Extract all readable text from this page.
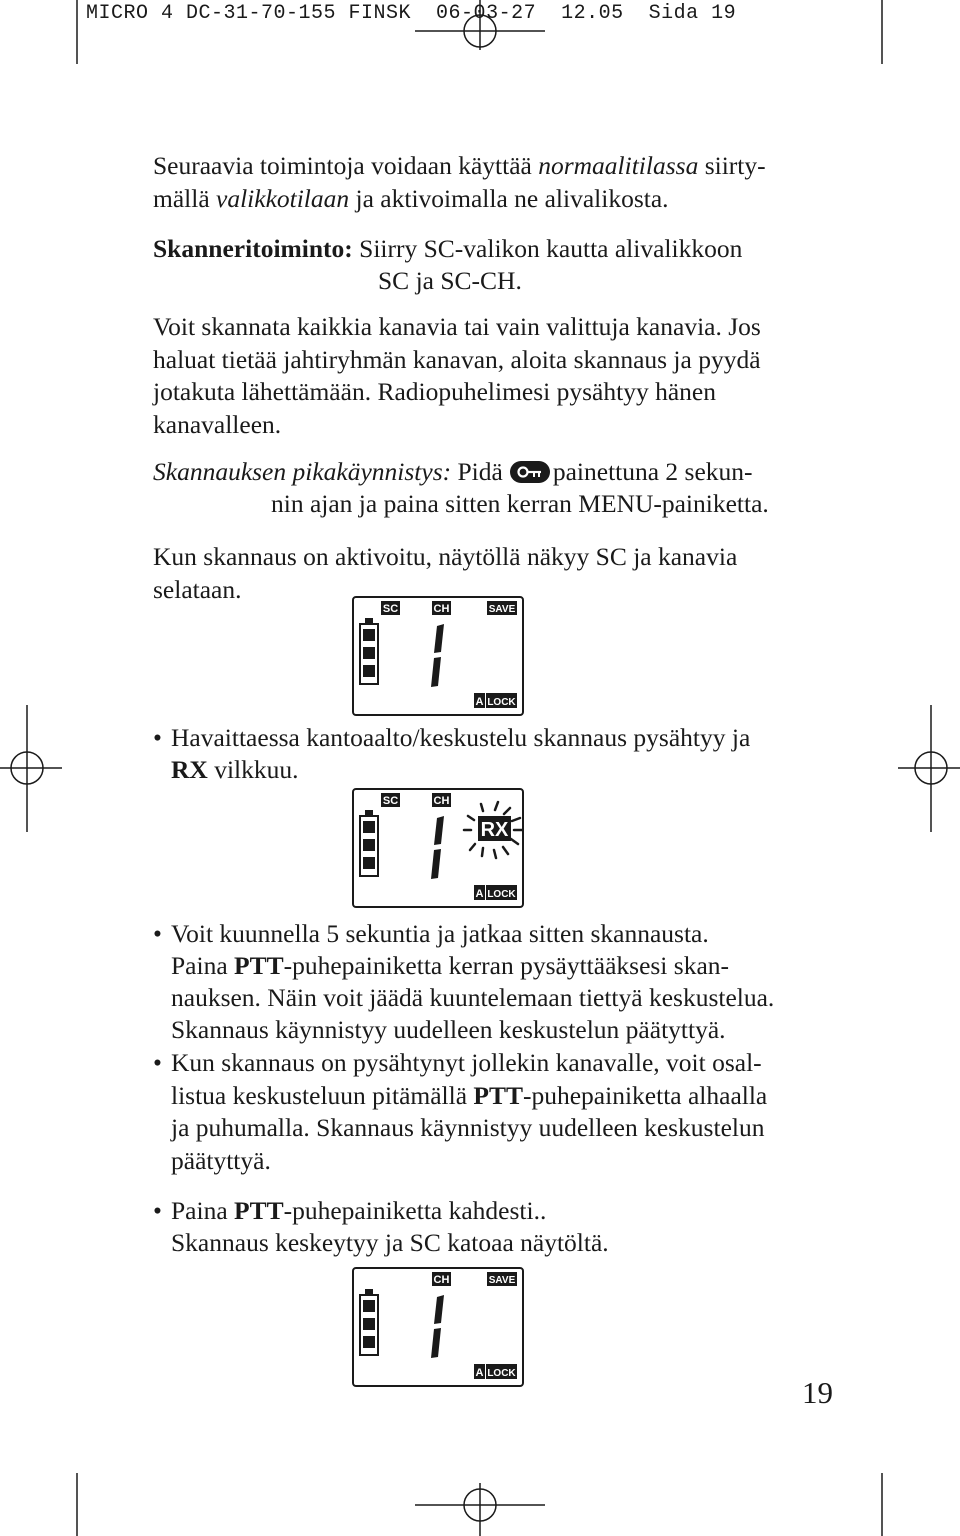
MICRO 4 DC-31-70-155 FINSK  06-03-27  12.05  Sida 19

Seuraavia toimintoja voidaan käyttää normaalitilassa siirty-
mällä valikkotilaan ja aktivoimalla ne alivalikosta.

Skanneritoiminto: Siirry SC-valikon kautta alivalikkoon

SC ja SC-CH.

Voit skannata kaikkia kanavia tai vain valittuja kanavia. Jos
haluat tietää jahtiryhmän kanavan, aloita skannaus ja pyydä
jotakuta lähettämään. Radiopuhelimesi pysähtyy hänen
kanavalleen.

Skannauksen pikakäynnistys: Pidä painettuna 2 sekun-

nin ajan ja paina sitten kerran MENU-painiketta.

Kun skannaus on aktivoitu, näytöllä näkyy SC ja kanavia
selataan.

SC	CH	SAVE
A LOCK
• Havaittaessa kantoaalto/keskustelu skannaus pysähtyy ja

RX vilkkuu.

SC	CH
RX
A LOCK
• Voit kuunnella 5 sekuntia ja jatkaa sitten skannausta.

Paina PTT-puhepainiketta kerran pysäyttääksesi skan-

nauksen. Näin voit jäädä kuuntelemaan tiettyä keskustelua.

Skannaus käynnistyy uudelleen keskustelun päätyttyä.

• Kun skannaus on pysähtynyt jollekin kanavalle, voit osal-

listua keskusteluun pitämällä PTT-puhepainiketta alhaalla

ja puhumalla. Skannaus käynnistyy uudelleen keskustelun

päätyttyä.

• Paina PTT-puhepainiketta kahdesti..

Skannaus keskeytyy ja SC katoaa näytöltä.

CH	SAVE
A LOCK
19
